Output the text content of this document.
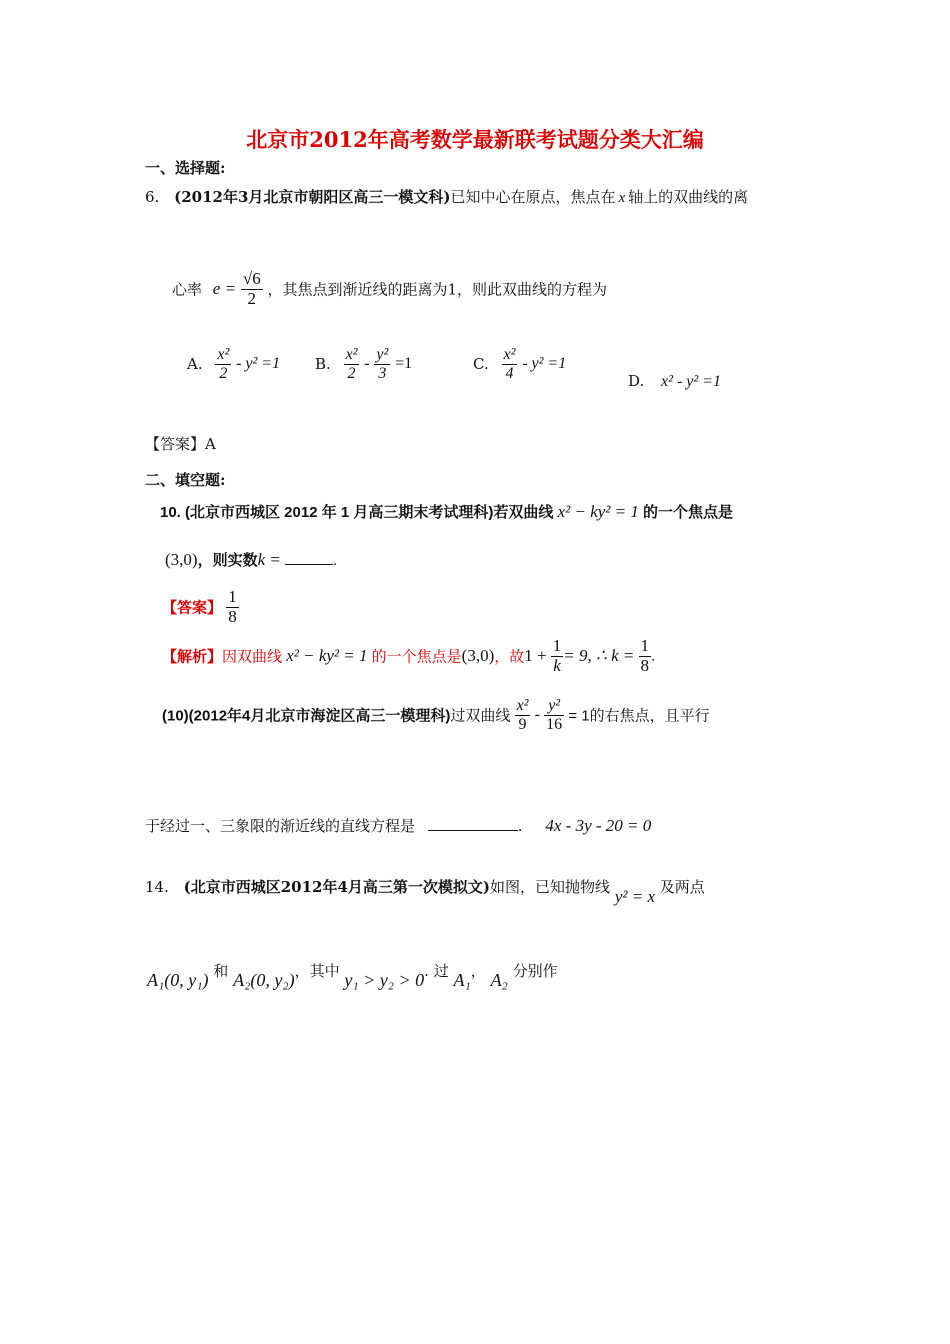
北京市2012年高考数学最新联考试题分类大汇编
一、选择题:
6. (2012年3月北京市朝阳区高三一模文科)已知中心在原点，焦点在 x 轴上的双曲线的离
心率 $e = \frac{√6}{2}$ ，其焦点到渐近线的距离为1，则此双曲线的方程为
A. $\frac{\text{x²}}{2} - y^2 =1$ B. $\frac{\text{x²}}{2} - \frac{\text{y²}}{3} =1$	C. $\frac{\text{x²}}{4} - y^2 =1$
D. x² - y² =1
【答案】A
二、填空题:
10. (北京市西城区 2012 年 1 月高三期末考试理科)若双曲线 x² − ky² = 1 的一个焦点是
(3,0)，则实数k =	.
【答案】 $\frac{1}{8}$
【解析】因双曲线 x² − ky² = 1 的一个焦点是(3,0)，故$1 + \frac{1}{k} = 9$, ∴ $k = \frac{1}{8}$ .
(10)(2012年4月北京市海淀区高三一模理科)过双曲线 $\frac{\text{x²}}{9} - \frac{\text{y²}}{16} = 1$的右焦点，且平行
于经过一、三象限的渐近线的直线方程是	. 4x - 3y - 20 = 0
14. (北京市西城区2012年4月高三第一次模拟文)如图，已知抛物线 y² = x 及两点
A₁(0, y₁) 和 A₂(0, y₂)，其中 y₁ > y₂ > 0. 过 A₁， A₂ 分别作
